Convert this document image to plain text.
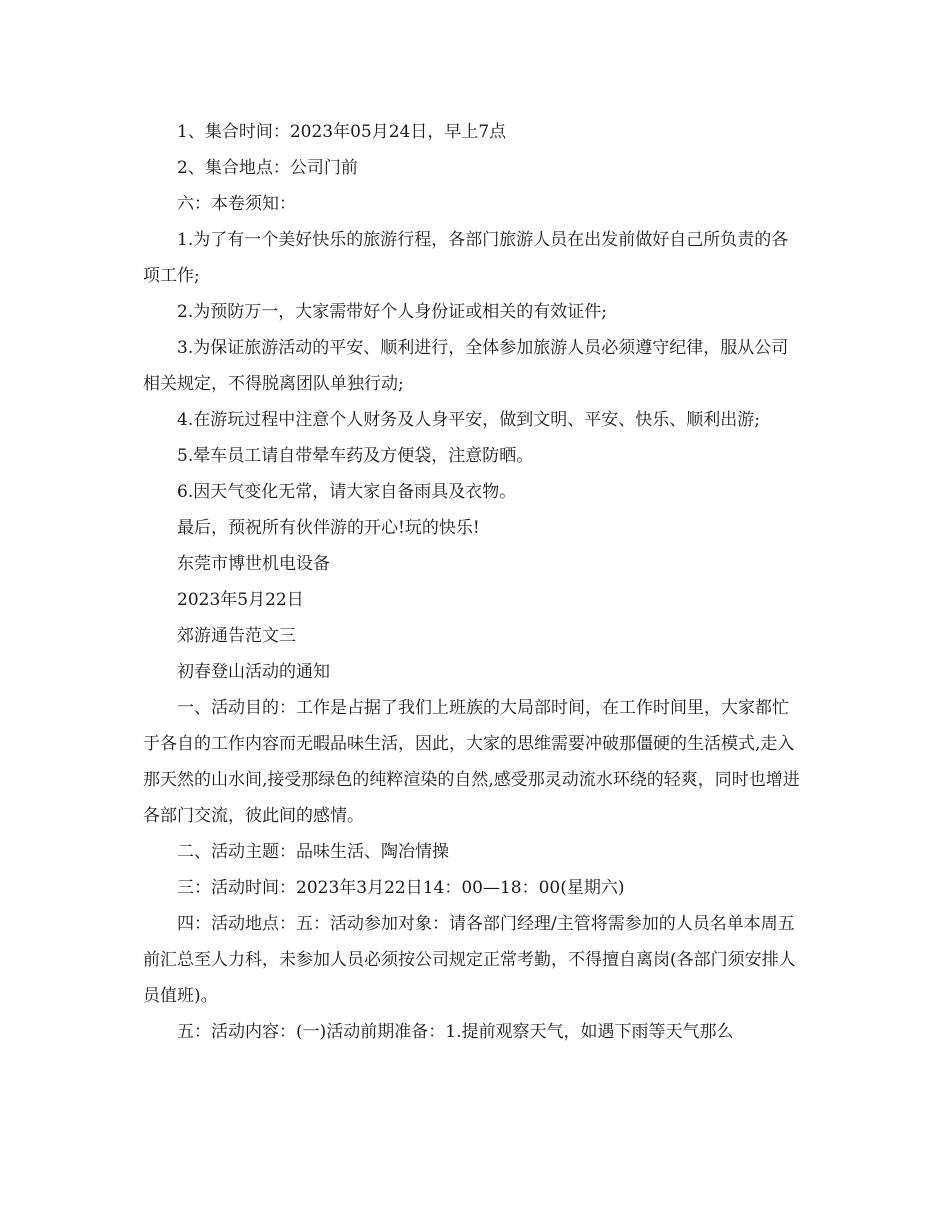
1、集合时间：2023年05月24日，早上7点

2、集合地点：公司门前

六：本卷须知：

1.为了有一个美好快乐的旅游行程，各部门旅游人员在出发前做好自己所负责的各项工作;

2.为预防万一，大家需带好个人身份证或相关的有效证件;

3.为保证旅游活动的平安、顺利进行，全体参加旅游人员必须遵守纪律，服从公司相关规定，不得脱离团队单独行动;

4.在游玩过程中注意个人财务及人身平安，做到文明、平安、快乐、顺利出游;

5.晕车员工请自带晕车药及方便袋，注意防晒。

6.因天气变化无常，请大家自备雨具及衣物。

最后，预祝所有伙伴游的开心!玩的快乐!

东莞市博世机电设备

2023年5月22日

郊游通告范文三

初春登山活动的通知

一、活动目的：工作是占据了我们上班族的大局部时间，在工作时间里，大家都忙于各自的工作内容而无暇品味生活，因此，大家的思维需要冲破那僵硬的生活模式,走入那天然的山水间,接受那绿色的纯粹渲染的自然,感受那灵动流水环绕的轻爽，同时也增进各部门交流，彼此间的感情。

二、活动主题：品味生活、陶冶情操

三：活动时间：2023年3月22日14：00—18：00(星期六)

四：活动地点：五：活动参加对象：请各部门经理/主管将需参加的人员名单本周五前汇总至人力科，未参加人员必须按公司规定正常考勤，不得擅自离岗(各部门须安排人员值班)。

五：活动内容：(一)活动前期准备：1.提前观察天气，如遇下雨等天气那么
